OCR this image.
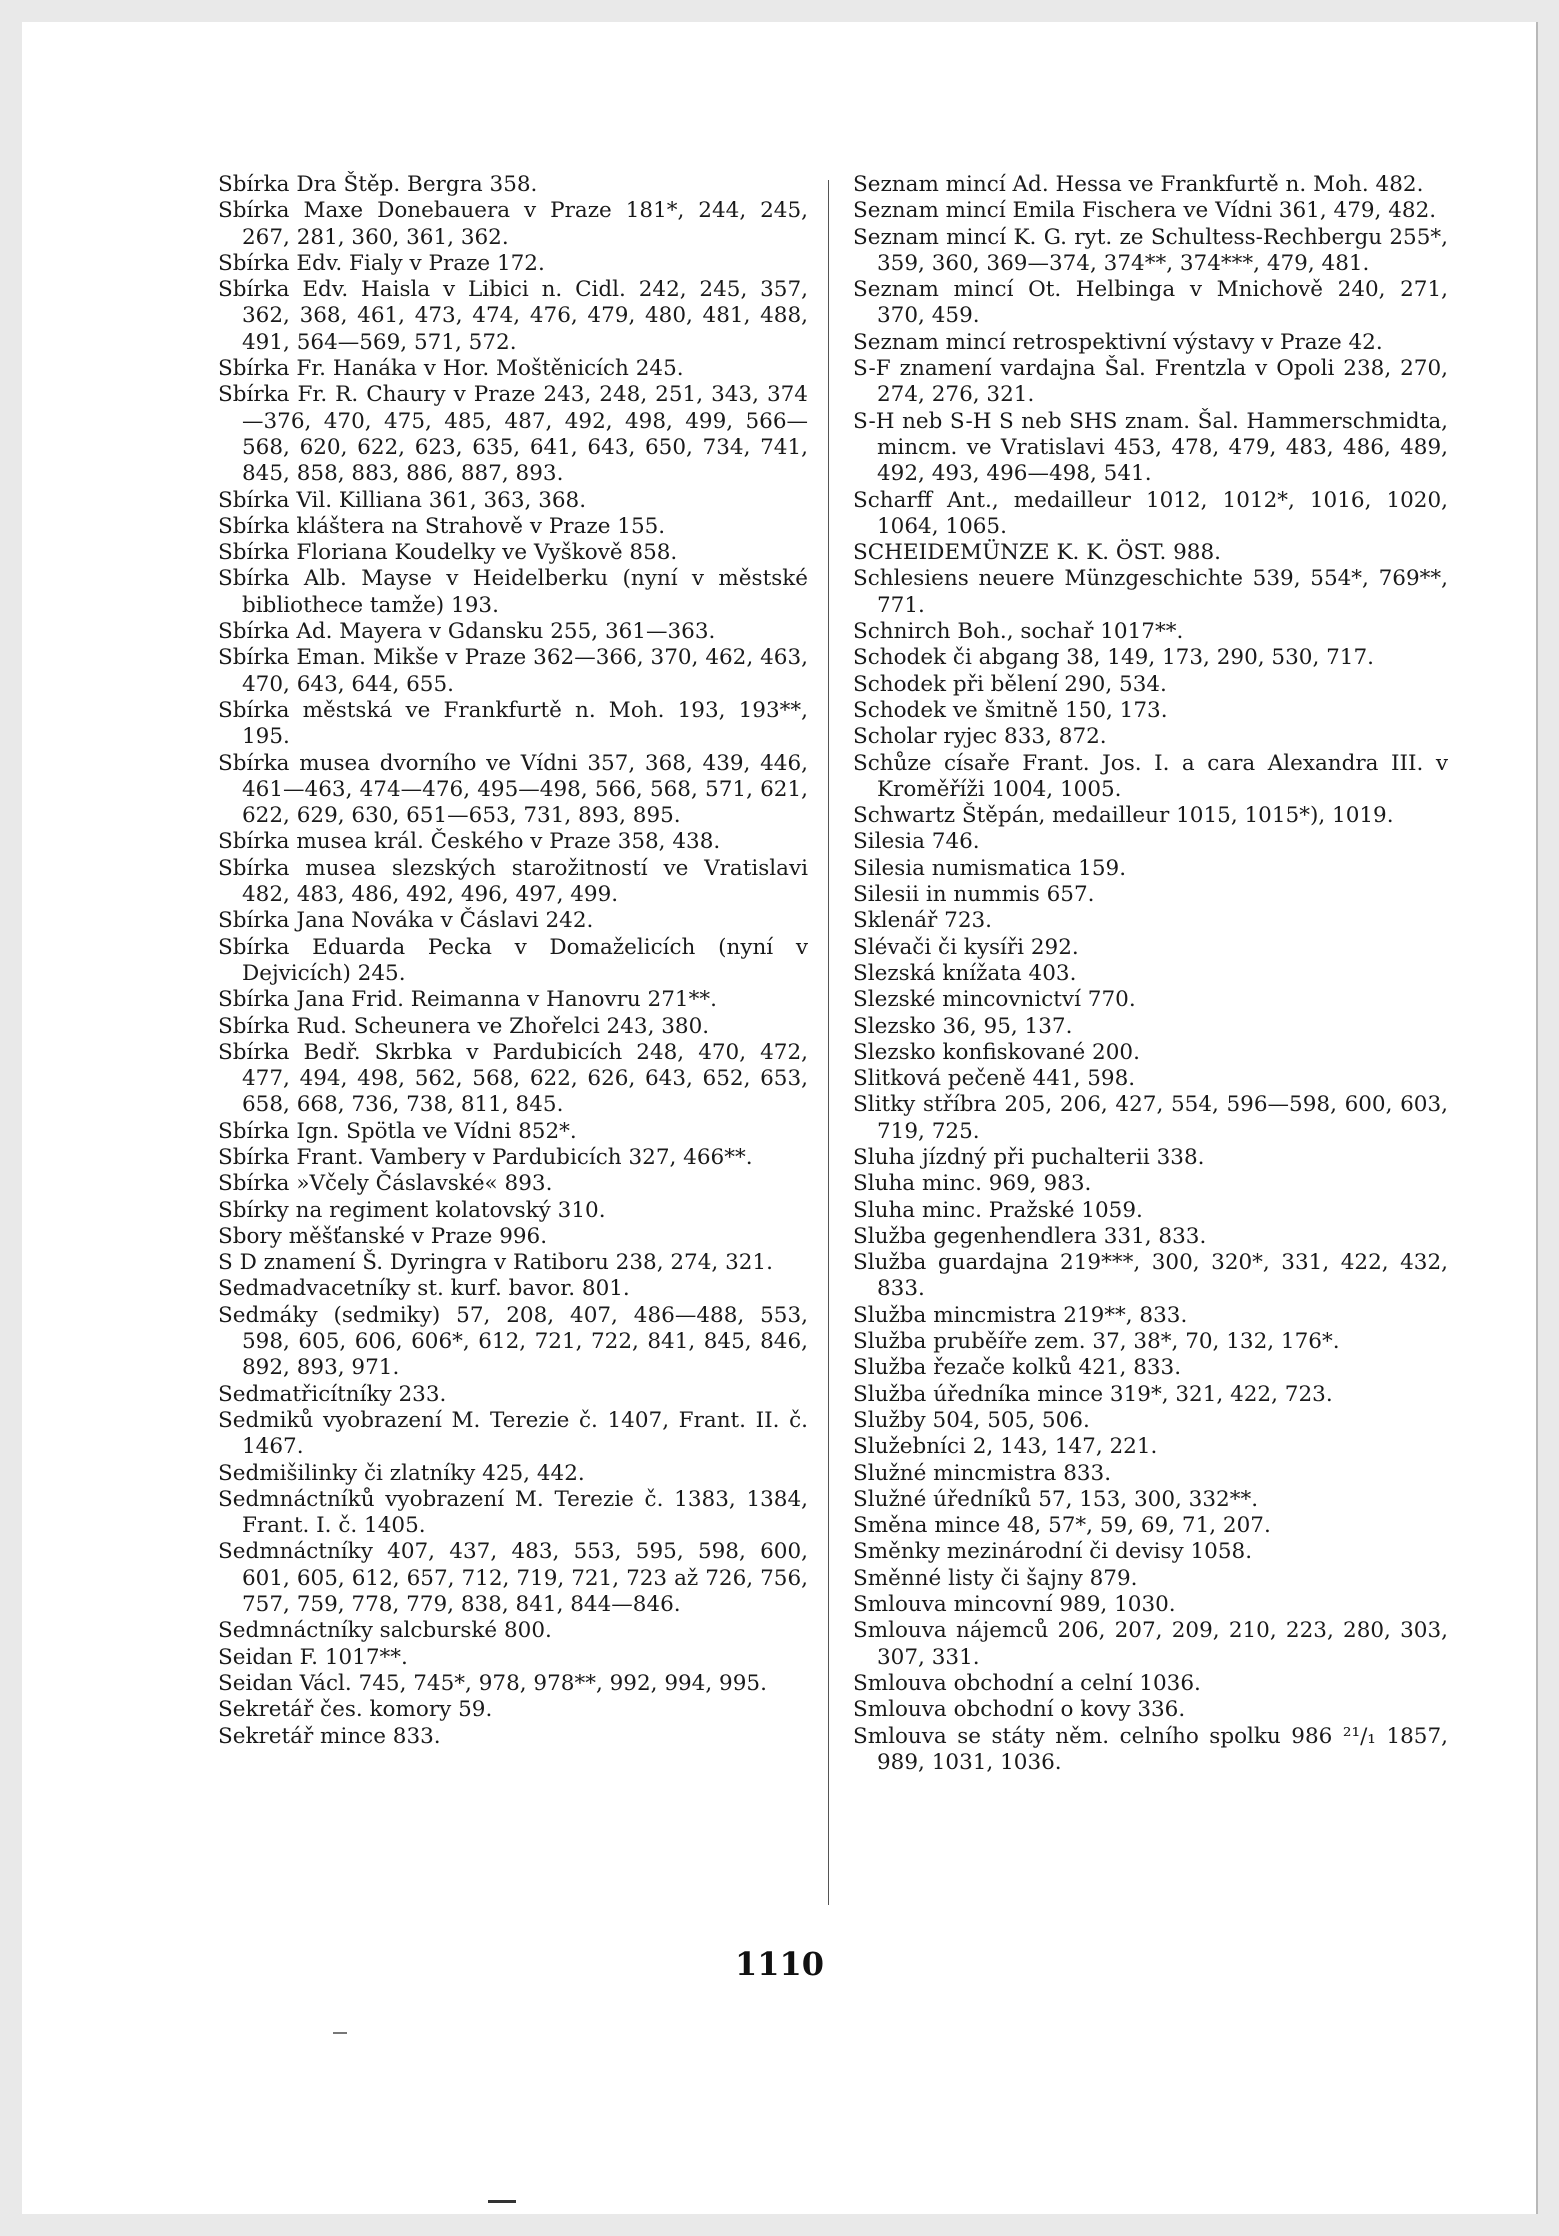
Sbírka Dra Štěp. Bergra 358.
Sbírka Maxe Donebauera v Praze 181*, 244, 245, 267, 281, 360, 361, 362.
Sbírka Edv. Fialy v Praze 172.
Sbírka Edv. Haisla v Libici n. Cidl. 242, 245, 357, 362, 368, 461, 473, 474, 476, 479, 480, 481, 488, 491, 564—569, 571, 572.
Sbírka Fr. Hanáka v Hor. Moštěnicích 245.
Sbírka Fr. R. Chaury v Praze 243, 248, 251, 343, 374—376, 470, 475, 485, 487, 492, 498, 499, 566—568, 620, 622, 623, 635, 641, 643, 650, 734, 741, 845, 858, 883, 886, 887, 893.
Sbírka Vil. Killiana 361, 363, 368.
Sbírka kláštera na Strahově v Praze 155.
Sbírka Floriana Koudelky ve Vyškově 858.
Sbírka Alb. Mayse v Heidelberku (nyní v městské bibliothece tamže) 193.
Sbírka Ad. Mayera v Gdansku 255, 361—363.
Sbírka Eman. Mikše v Praze 362—366, 370, 462, 463, 470, 643, 644, 655.
Sbírka městská ve Frankfurtě n. Moh. 193, 193**, 195.
Sbírka musea dvorního ve Vídni 357, 368, 439, 446, 461—463, 474—476, 495—498, 566, 568, 571, 621, 622, 629, 630, 651—653, 731, 893, 895.
Sbírka musea král. Českého v Praze 358, 438.
Sbírka musea slezských starožitností ve Vratislavi 482, 483, 486, 492, 496, 497, 499.
Sbírka Jana Nováka v Čáslavi 242.
Sbírka Eduarda Pecka v Domaželicích (nyní v Dejvicích) 245.
Sbírka Jana Frid. Reimanna v Hanovru 271**.
Sbírka Rud. Scheunera ve Zhořelci 243, 380.
Sbírka Bedř. Skrbka v Pardubicích 248, 470, 472, 477, 494, 498, 562, 568, 622, 626, 643, 652, 653, 658, 668, 736, 738, 811, 845.
Sbírka Ign. Spötla ve Vídni 852*.
Sbírka Frant. Vambery v Pardubicích 327, 466**.
Sbírka »Včely Čáslavské« 893.
Sbírky na regiment kolatovský 310.
Sbory měšťanské v Praze 996.
S D znamení Š. Dyringra v Ratiboru 238, 274, 321.
Sedmadvacetníky st. kurf. bavor. 801.
Sedmáky (sedmiky) 57, 208, 407, 486—488, 553, 598, 605, 606, 606*, 612, 721, 722, 841, 845, 846, 892, 893, 971.
Sedmatřicítníky 233.
Sedmiků vyobrazení M. Terezie č. 1407, Frant. II. č. 1467.
Sedmišilinky či zlatníky 425, 442.
Sedmnáctníků vyobrazení M. Terezie č. 1383, 1384, Frant. I. č. 1405.
Sedmnáctníky 407, 437, 483, 553, 595, 598, 600, 601, 605, 612, 657, 712, 719, 721, 723 až 726, 756, 757, 759, 778, 779, 838, 841, 844—846.
Sedmnáctníky salcburské 800.
Seidan F. 1017**.
Seidan Václ. 745, 745*, 978, 978**, 992, 994, 995.
Sekretář čes. komory 59.
Sekretář mince 833.
Seznam mincí Ad. Hessa ve Frankfurtě n. Moh. 482.
Seznam mincí Emila Fischera ve Vídni 361, 479, 482.
Seznam mincí K. G. ryt. ze Schultess-Rechbergu 255*, 359, 360, 369—374, 374**, 374***, 479, 481.
Seznam mincí Ot. Helbinga v Mnichově 240, 271, 370, 459.
Seznam mincí retrospektivní výstavy v Praze 42.
S-F znamení vardajna Šal. Frentzla v Opoli 238, 270, 274, 276, 321.
S-H neb S-H S neb SHS znam. Šal. Hammerschmidta, mincm. ve Vratislavi 453, 478, 479, 483, 486, 489, 492, 493, 496—498, 541.
Scharff Ant., medailleur 1012, 1012*, 1016, 1020, 1064, 1065.
SCHEIDEMÜNZE K. K. ÖST. 988.
Schlesiens neuere Münzgeschichte 539, 554*, 769**, 771.
Schnirch Boh., sochař 1017**.
Schodek či abgang 38, 149, 173, 290, 530, 717.
Schodek při bělení 290, 534.
Schodek ve šmitně 150, 173.
Scholar ryjec 833, 872.
Schůze císaře Frant. Jos. I. a cara Alexandra III. v Kroměříži 1004, 1005.
Schwartz Štěpán, medailleur 1015, 1015*), 1019.
Silesia 746.
Silesia numismatica 159.
Silesii in nummis 657.
Sklenář 723.
Slévači či kysíři 292.
Slezská knížata 403.
Slezské mincovnictví 770.
Slezsko 36, 95, 137.
Slezsko konfiskované 200.
Slitková pečeně 441, 598.
Slitky stříbra 205, 206, 427, 554, 596—598, 600, 603, 719, 725.
Sluha jízdný při puchalterii 338.
Sluha minc. 969, 983.
Sluha minc. Pražské 1059.
Služba gegenhendlera 331, 833.
Služba guardajna 219***, 300, 320*, 331, 422, 432, 833.
Služba mincmistra 219**, 833.
Služba pruběíře zem. 37, 38*, 70, 132, 176*.
Služba řezače kolků 421, 833.
Služba úředníka mince 319*, 321, 422, 723.
Služby 504, 505, 506.
Služebníci 2, 143, 147, 221.
Služné mincmistra 833.
Služné úředníků 57, 153, 300, 332**.
Směna mince 48, 57*, 59, 69, 71, 207.
Směnky mezinárodní či devisy 1058.
Směnné listy či šajny 879.
Smlouva mincovní 989, 1030.
Smlouva nájemců 206, 207, 209, 210, 223, 280, 303, 307, 331.
Smlouva obchodní a celní 1036.
Smlouva obchodní o kovy 336.
Smlouva se státy něm. celního spolku 986 ²¹/₁ 1857, 989, 1031, 1036.
1110
